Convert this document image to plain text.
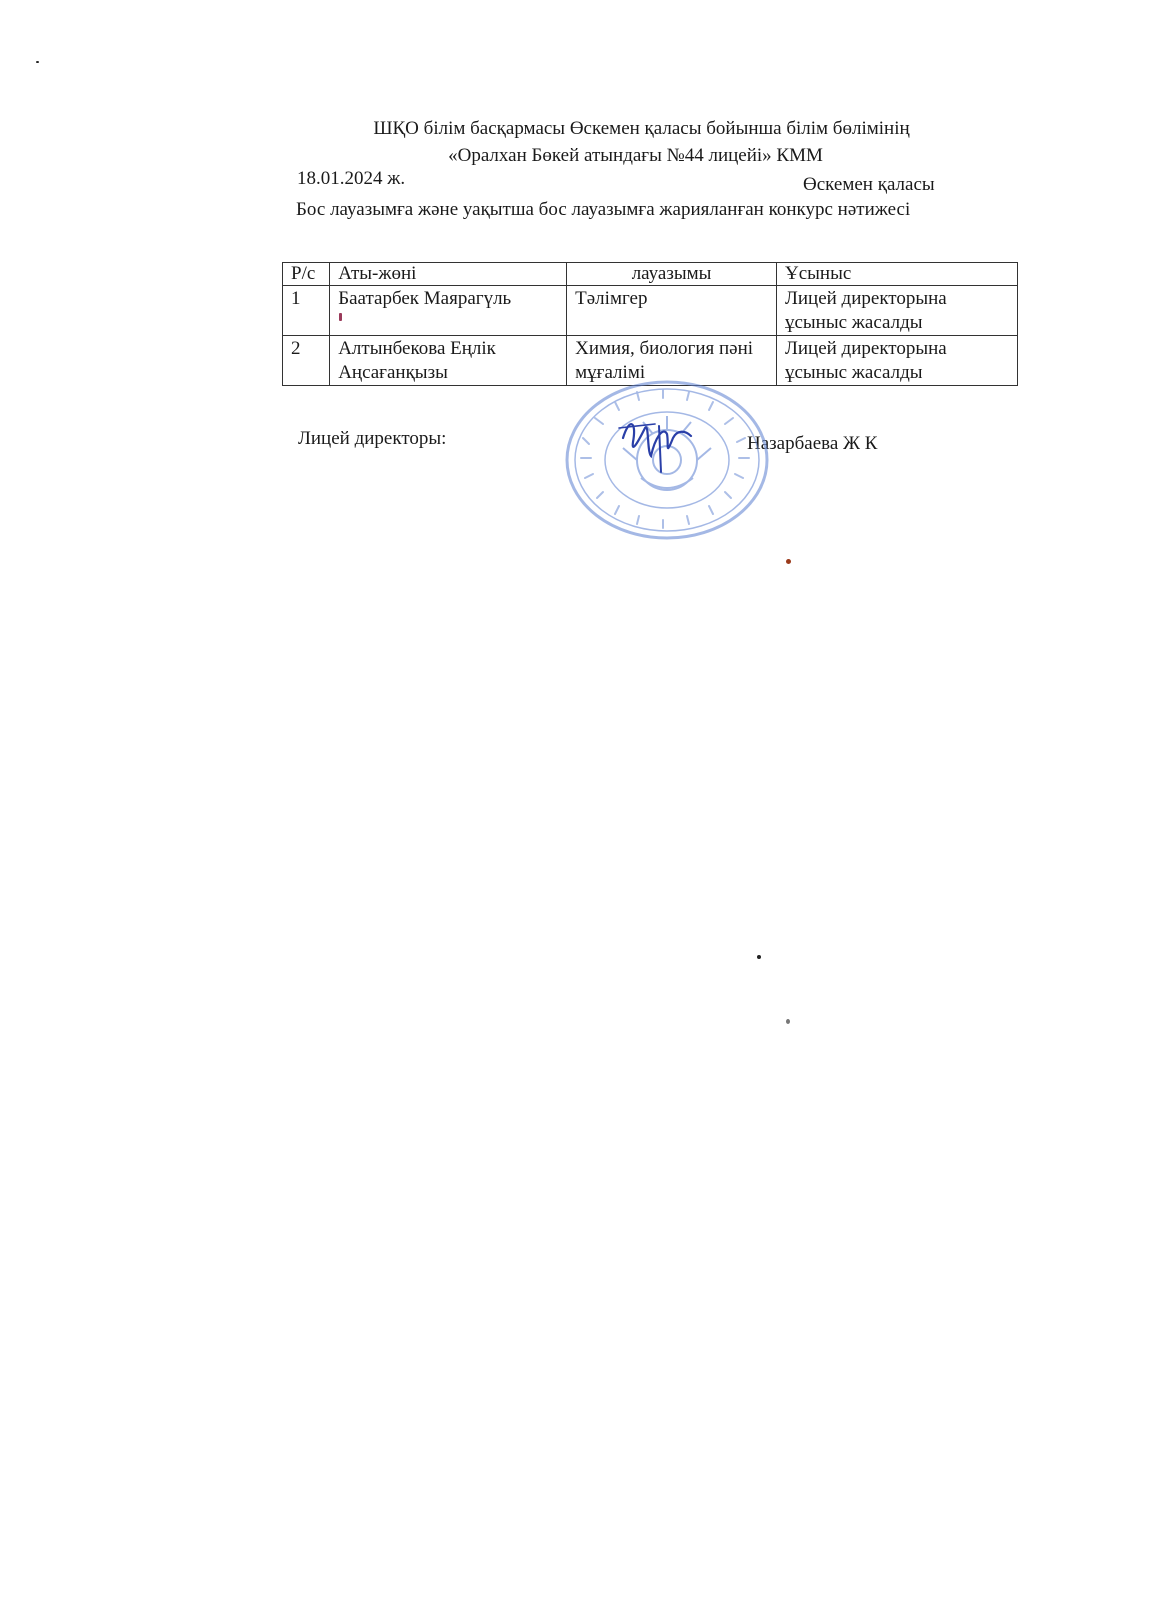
ШҚО білім басқармасы Өскемен қаласы бойынша білім бөлімінің
«Оралхан Бөкей атындағы №44 лицейі» КММ
18.01.2024 ж.	Өскемен қаласы
Бос лауазымға және уақытша бос лауазымға жарияланған конкурс нәтижесі
Р/с	Аты-жөні	лауазымы	Ұсыныс
1	Баатарбек Маярагүль	Тәлімгер	Лицей директорына ұсыныс жасалды
2	Алтынбекова Еңлік Аңсағанқызы	Химия, биология пәні мұғалімі	Лицей директорына ұсыныс жасалды
Лицей директоры:	Назарбаева Ж К
